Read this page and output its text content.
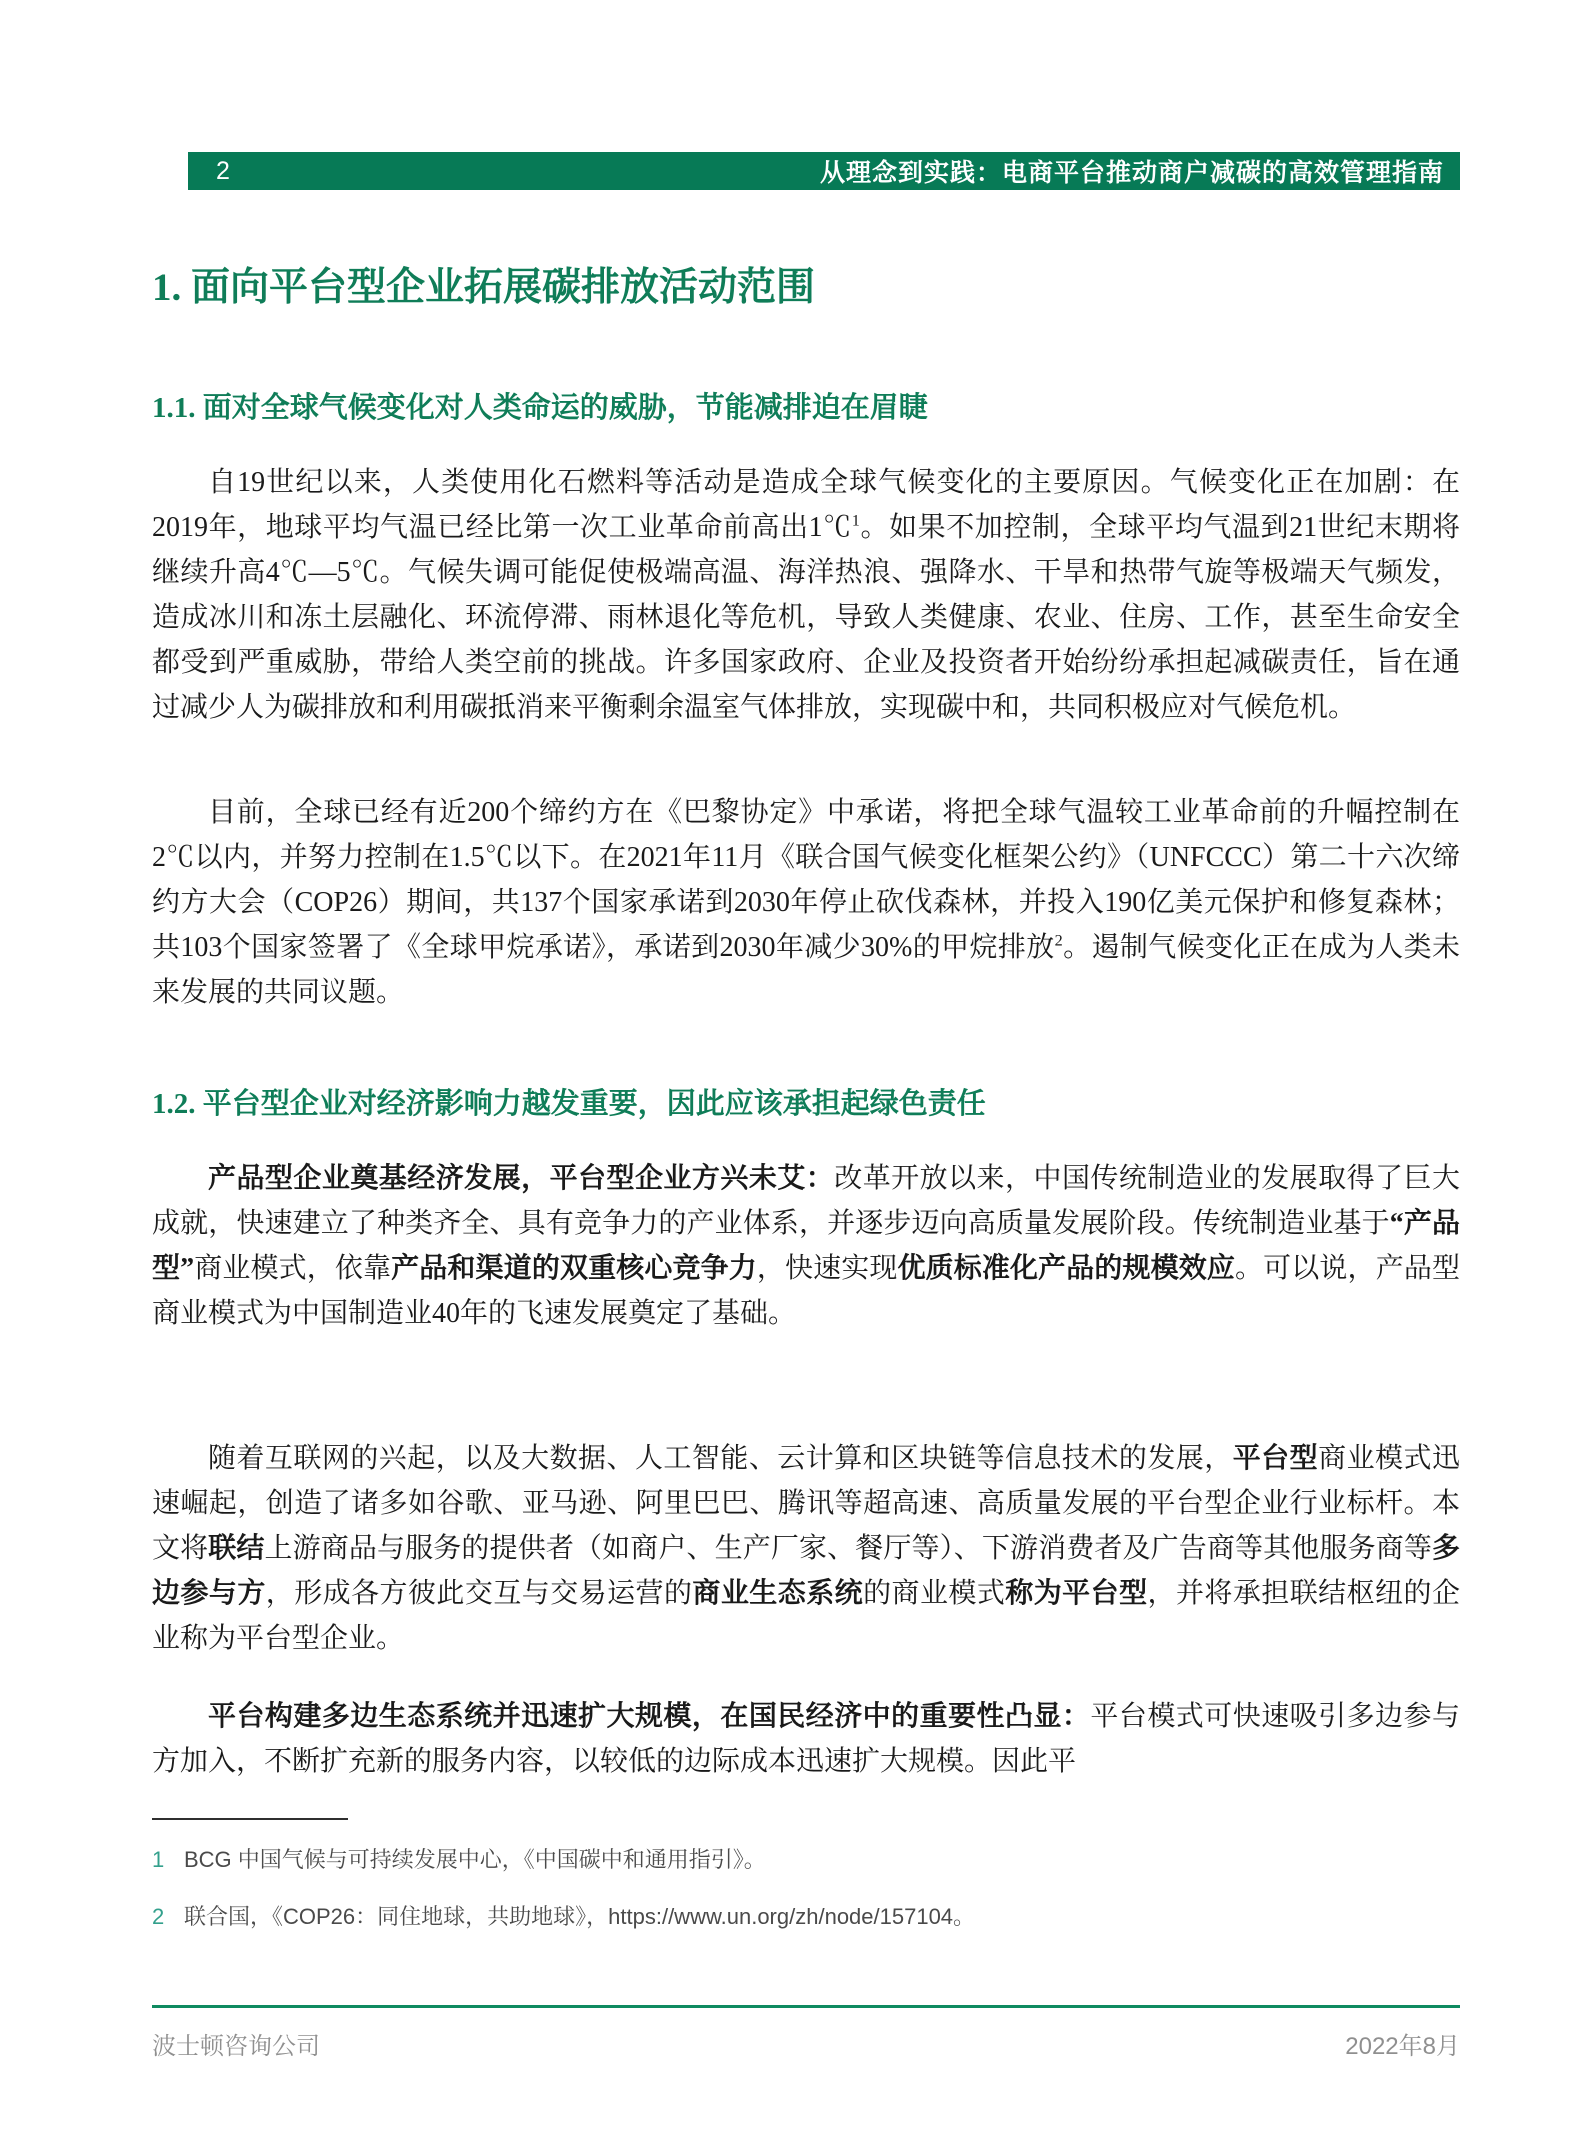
2	从理念到实践：电商平台推动商户减碳的高效管理指南
1. 面向平台型企业拓展碳排放活动范围
1.1. 面对全球气候变化对人类命运的威胁，节能减排迫在眉睫

自19世纪以来，人类使用化石燃料等活动是造成全球气候变化的主要原因。气候变化正在加剧：在2019年，地球平均气温已经比第一次工业革命前高出1℃$^1$。如果不加控制，全球平均气温到21世纪末期将继续升高4℃—5℃。气候失调可能促使极端高温、海洋热浪、强降水、干旱和热带气旋等极端天气频发，造成冰川和冻土层融化、环流停滞、雨林退化等危机，导致人类健康、农业、住房、工作，甚至生命安全都受到严重威胁，带给人类空前的挑战。许多国家政府、企业及投资者开始纷纷承担起减碳责任，旨在通过减少人为碳排放和利用碳抵消来平衡剩余温室气体排放，实现碳中和，共同积极应对气候危机。

目前，全球已经有近200个缔约方在《巴黎协定》中承诺，将把全球气温较工业革命前的升幅控制在2℃以内，并努力控制在1.5℃以下。在2021年11月《联合国气候变化框架公约》（UNFCCC）第二十六次缔约方大会（COP26）期间，共137个国家承诺到2030年停止砍伐森林，并投入190亿美元保护和修复森林；共103个国家签署了《全球甲烷承诺》，承诺到2030年减少30%的甲烷排放$^2$。遏制气候变化正在成为人类未来发展的共同议题。

1.2. 平台型企业对经济影响力越发重要，因此应该承担起绿色责任

产品型企业奠基经济发展，平台型企业方兴未艾：改革开放以来，中国传统制造业的发展取得了巨大成就，快速建立了种类齐全、具有竞争力的产业体系，并逐步迈向高质量发展阶段。传统制造业基于“产品型”商业模式，依靠产品和渠道的双重核心竞争力，快速实现优质标准化产品的规模效应。可以说，产品型商业模式为中国制造业40年的飞速发展奠定了基础。

随着互联网的兴起，以及大数据、人工智能、云计算和区块链等信息技术的发展，平台型商业模式迅速崛起，创造了诸多如谷歌、亚马逊、阿里巴巴、腾讯等超高速、高质量发展的平台型企业行业标杆。本文将联结上游商品与服务的提供者（如商户、生产厂家、餐厅等）、下游消费者及广告商等其他服务商等多边参与方，形成各方彼此交互与交易运营的商业生态系统的商业模式称为平台型，并将承担联结枢纽的企业称为平台型企业。

平台构建多边生态系统并迅速扩大规模，在国民经济中的重要性凸显：平台模式可快速吸引多边参与方加入，不断扩充新的服务内容，以较低的边际成本迅速扩大规模。因此平

1 BCG 中国气候与可持续发展中心，《中国碳中和通用指引》。
2 联合国，《COP26：同住地球，共助地球》，https://www.un.org/zh/node/157104。
波士顿咨询公司	2022年8月
